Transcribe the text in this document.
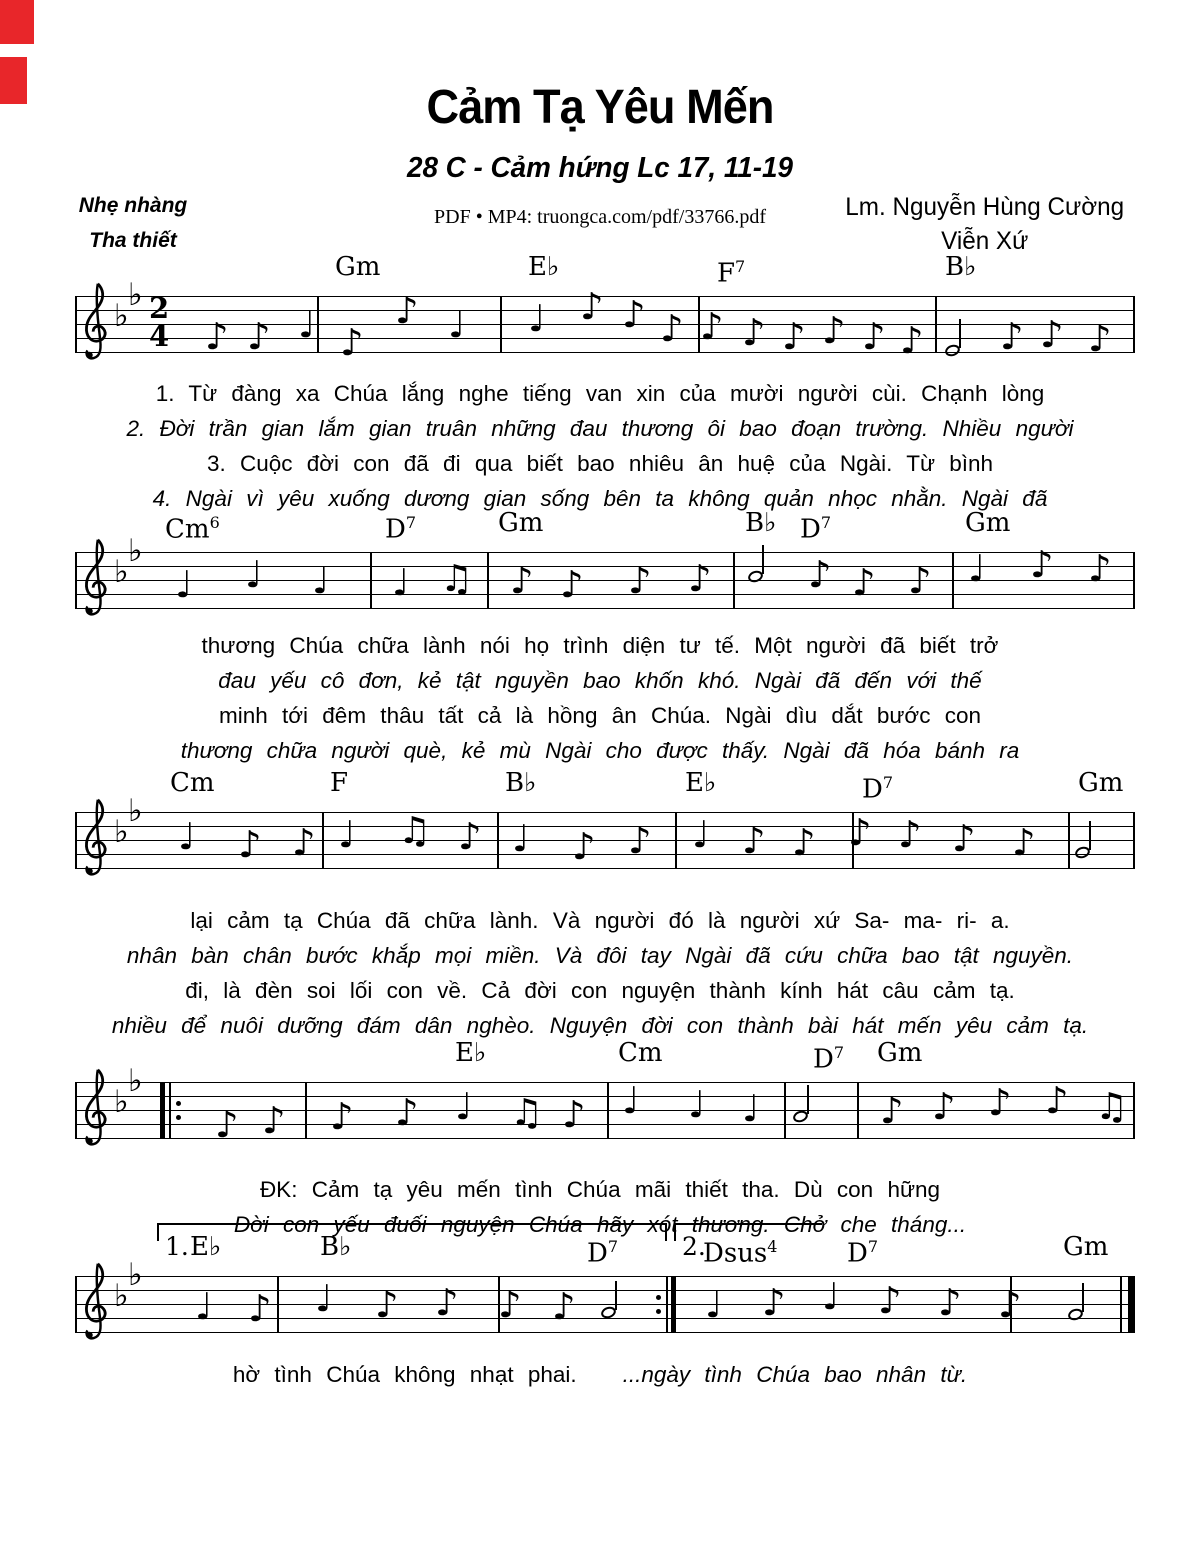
Cảm Tạ Yêu Mến
28 C - Cảm hứng Lc 17, 11-19
Nhẹ nhàng
Tha thiết
PDF • MP4: truongca.com/pdf/33766.pdf	Lm. Nguyễn Hùng Cường
Viễn Xứ
♭
♭ 2
4
Gm	E♭	$F^7$	B♭
♪ ♪ ♩ ♪
♪ ♩ ♩ ♪ ♪ ♪ ♪ ♪ ♪ ♪ ♪ ♪ ♪ ♪ ♪
♭
♭
Cm$^6$	$D^7$	Gm	B♭ $D^7$	Gm
♩ ♩ ♩ ♩ ♫ ♪ ♪ ♪ ♪	♪ ♪ ♪ ♩ ♪ ♪
♭
♭
Cm	F	B♭	E♭	$D^7$	Gm
♩ ♪ ♪ ♩ ♫ ♪ ♩ ♪ ♪ ♩ ♪ ♪ ♪ ♪ ♪ ♪
♭
♭
E♭	Cm	$D^7$ Gm
♪ ♪ ♪ ♪ ♩ ♫ ♪ ♩ ♩ ♩	♪ ♪ ♪ ♪ ♫
♭
♭
1.	2.
E♭	B♭	$D^7$	Dsus$^4$	$D^7$	Gm
♩ ♪ ♩ ♪ ♪ ♪ ♪	♩ ♪ ♩ ♪ ♪ ♪
1. Từ đàng xa Chúa lắng nghe tiếng van xin của mười người cùi. Chạnh lòng
2. Đời trần gian lắm gian truân những đau thương ôi bao đoạn trường. Nhiều người
3. Cuộc đời con đã đi qua biết bao nhiêu ân huệ của Ngài. Từ bình
4. Ngài vì yêu xuống dương gian sống bên ta không quản nhọc nhằn. Ngài đã
thương Chúa chữa lành nói họ trình diện tư tế. Một người đã biết trở
đau yếu cô đơn, kẻ tật nguyền bao khốn khó. Ngài đã đến với thế
minh tới đêm thâu tất cả là hồng ân Chúa. Ngài dìu dắt bước con
thương chữa người què, kẻ mù Ngài cho được thấy. Ngài đã hóa bánh ra
lại cảm tạ Chúa đã chữa lành. Và người đó là người xứ Sa- ma- ri- a.
nhân bàn chân bước khắp mọi miền. Và đôi tay Ngài đã cứu chữa bao tật nguyền.
đi, là đèn soi lối con về. Cả đời con nguyện thành kính hát câu cảm tạ.
nhiều để nuôi dưỡng đám dân nghèo. Nguyện đời con thành bài hát mến yêu cảm tạ.
ĐK: Cảm tạ yêu mến tình Chúa mãi thiết tha. Dù con hững
Đời con yếu đuối nguyện Chúa hãy xót thương. Chở che tháng...
hờ tình Chúa không nhạt phai. ...ngày tình Chúa bao nhân từ.
